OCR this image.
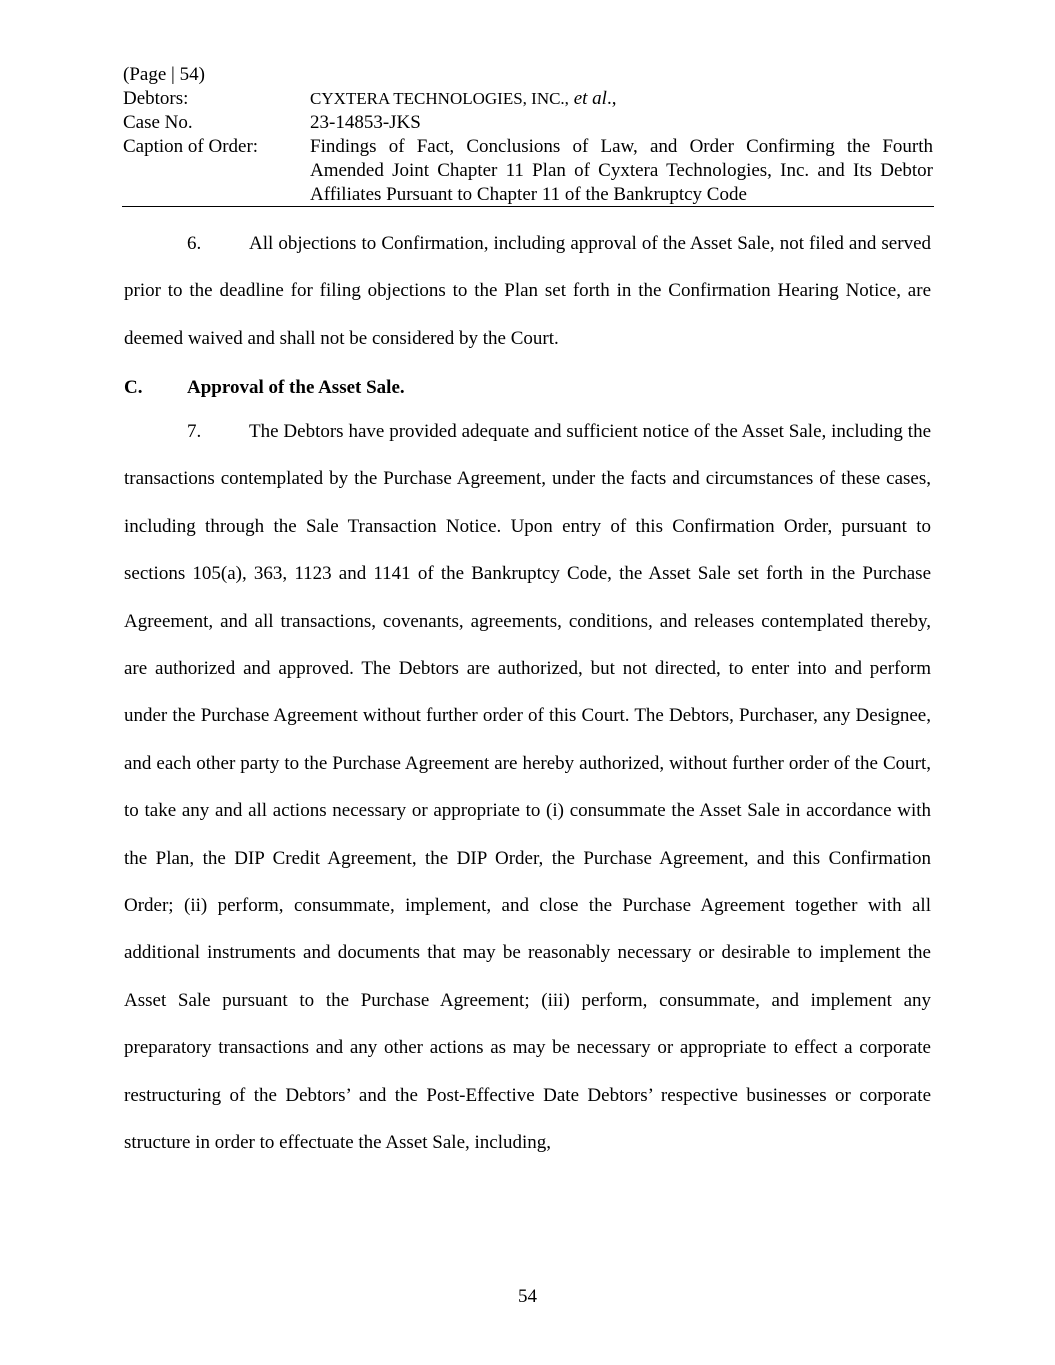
(Page | 54)
Debtors:	CYXTERA TECHNOLOGIES, INC., et al.,
Case No.	23-14853-JKS
Caption of Order:	Findings of Fact, Conclusions of Law, and Order Confirming the Fourth Amended Joint Chapter 11 Plan of Cyxtera Technologies, Inc. and Its Debtor Affiliates Pursuant to Chapter 11 of the Bankruptcy Code

6.	All objections to Confirmation, including approval of the Asset Sale, not filed and served prior to the deadline for filing objections to the Plan set forth in the Confirmation Hearing Notice, are deemed waived and shall not be considered by the Court.

C. Approval of the Asset Sale.

7.	The Debtors have provided adequate and sufficient notice of the Asset Sale, including the transactions contemplated by the Purchase Agreement, under the facts and circumstances of these cases, including through the Sale Transaction Notice. Upon entry of this Confirmation Order, pursuant to sections 105(a), 363, 1123 and 1141 of the Bankruptcy Code, the Asset Sale set forth in the Purchase Agreement, and all transactions, covenants, agreements, conditions, and releases contemplated thereby, are authorized and approved. The Debtors are authorized, but not directed, to enter into and perform under the Purchase Agreement without further order of this Court. The Debtors, Purchaser, any Designee, and each other party to the Purchase Agreement are hereby authorized, without further order of the Court, to take any and all actions necessary or appropriate to (i) consummate the Asset Sale in accordance with the Plan, the DIP Credit Agreement, the DIP Order, the Purchase Agreement, and this Confirmation Order; (ii) perform, consummate, implement, and close the Purchase Agreement together with all additional instruments and documents that may be reasonably necessary or desirable to implement the Asset Sale pursuant to the Purchase Agreement; (iii) perform, consummate, and implement any preparatory transactions and any other actions as may be necessary or appropriate to effect a corporate restructuring of the Debtors’ and the Post-Effective Date Debtors’ respective businesses or corporate structure in order to effectuate the Asset Sale, including,

54
